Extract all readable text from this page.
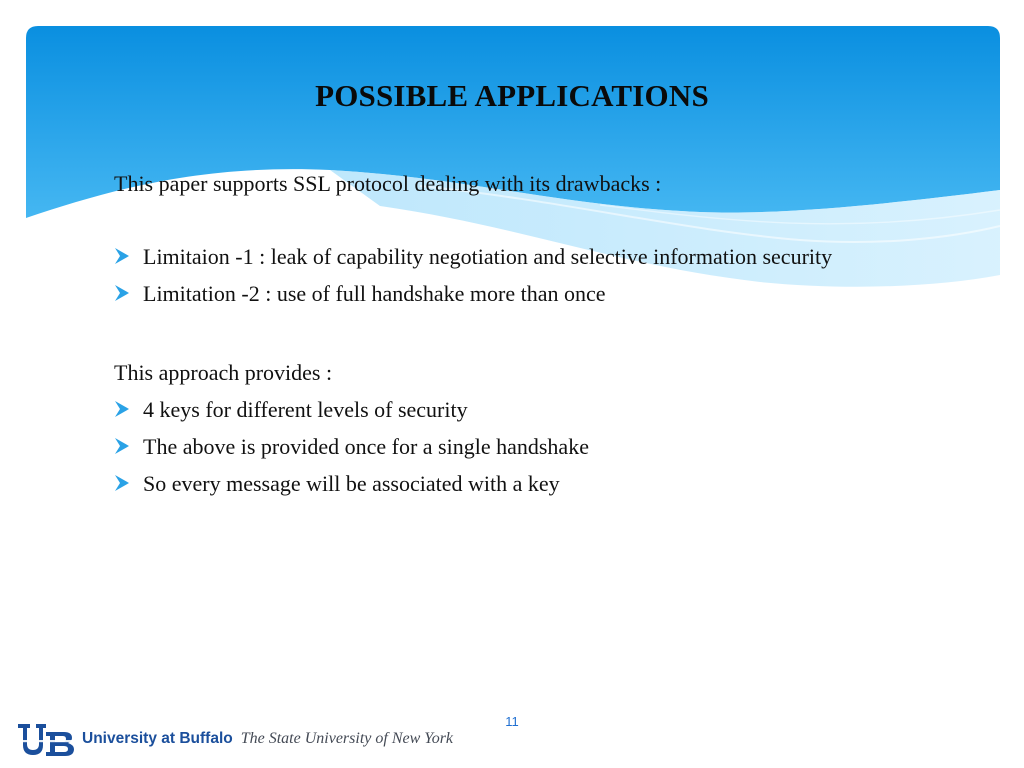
POSSIBLE APPLICATIONS

This paper supports SSL protocol dealing with its drawbacks :

Limitaion -1 : leak of capability negotiation and selective information security
Limitation -2 : use of full handshake more than once

This approach provides :

4 keys for different levels of security
The above is provided once for a single handshake
So every message will be associated with a key
11
University at Buffalo The State University of New York
